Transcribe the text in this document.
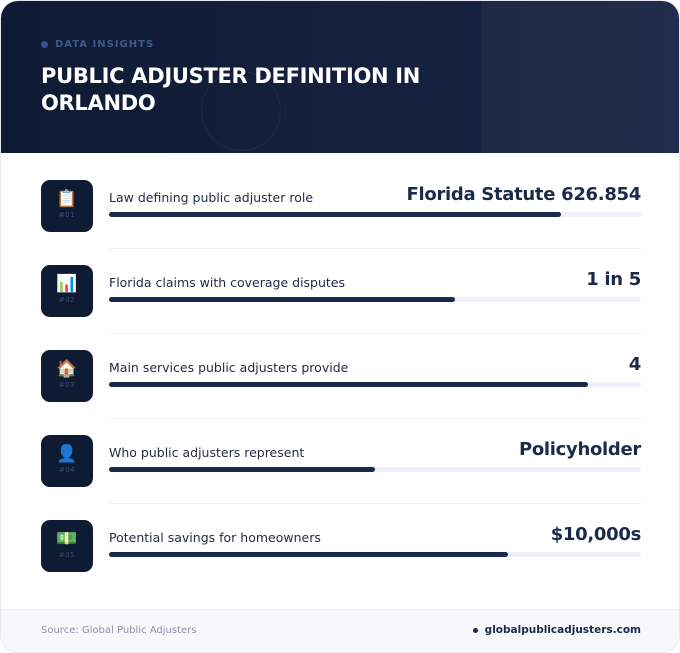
DATA INSIGHTS
PUBLIC ADJUSTER DEFINITION IN ORLANDO
📋
#01
Law defining public adjuster role	Florida Statute 626.854
📊
#02
Florida claims with coverage disputes	1 in 5
🏠
#03
Main services public adjusters provide	4
👤
#04
Who public adjusters represent	Policyholder
💵
#05
Potential savings for homeowners	$10,000s
Source: Global Public Adjusters	globalpublicadjusters.com
